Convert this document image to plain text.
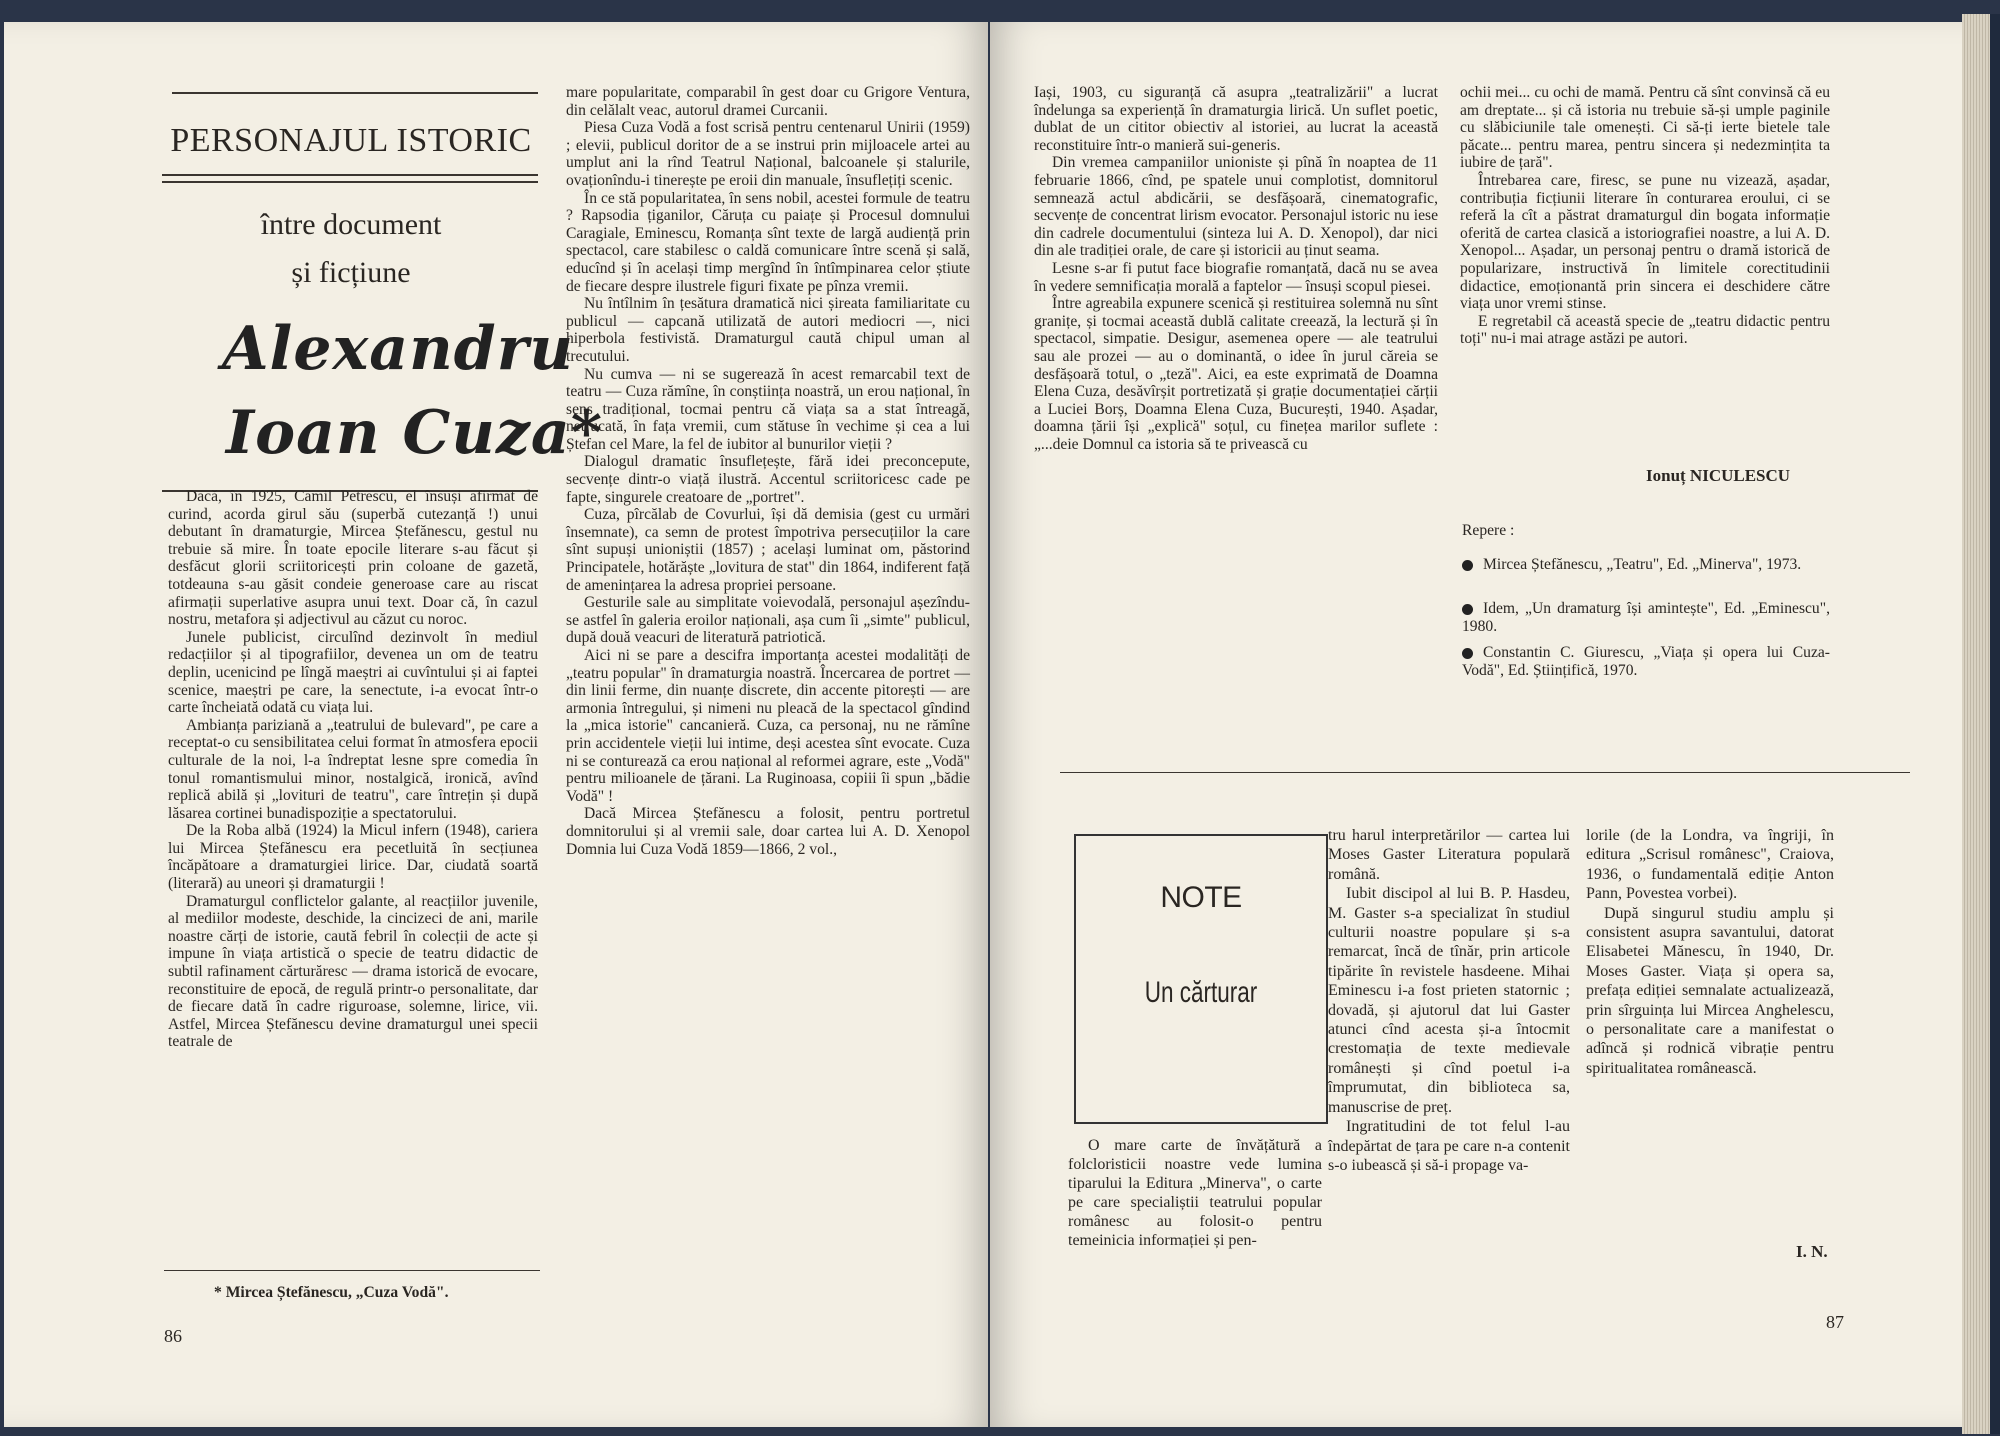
PERSONAJUL ISTORIC
între document
și ficțiune
Alexandru
Ioan Cuza*

Dacă, în 1925, Camil Petrescu, el însuși afirmat de curind, acorda girul său (superbă cutezanță !) unui debutant în dramaturgie, Mircea Ștefănescu, gestul nu trebuie să mire. În toate epocile literare s-au făcut și desfăcut glorii scriitoricești prin coloane de gazetă, totdeauna s-au găsit condeie generoase care au riscat afirmații superlative asupra unui text. Doar că, în cazul nostru, metafora și adjectivul au căzut cu noroc.

Junele publicist, circulînd dezinvolt în mediul redacțiilor și al tipografiilor, devenea un om de teatru deplin, ucenicind pe lîngă maeștri ai cuvîntului și ai faptei scenice, maeștri pe care, la senectute, i-a evocat într-o carte încheiată odată cu viața lui.

Ambianța pariziană a „teatrului de bulevard", pe care a receptat-o cu sensibilitatea celui format în atmosfera epocii culturale de la noi, l-a îndreptat lesne spre comedia în tonul romantismului minor, nostalgică, ironică, avînd replică abilă și „lovituri de teatru", care întrețin și după lăsarea cortinei bunadispoziție a spectatorului.

De la Roba albă (1924) la Micul infern (1948), cariera lui Mircea Ștefănescu era pecetluită în secțiunea încăpătoare a dramaturgiei lirice. Dar, ciudată soartă (literară) au uneori și dramaturgii !

Dramaturgul conflictelor galante, al reacțiilor juvenile, al mediilor modeste, deschide, la cincizeci de ani, marile noastre cărți de istorie, caută febril în colecții de acte și impune în viața artistică o specie de teatru didactic de subtil rafinament cărturăresc — drama istorică de evocare, reconstituire de epocă, de regulă printr-o personalitate, dar de fiecare dată în cadre riguroase, solemne, lirice, vii. Astfel, Mircea Ștefănescu devine dramaturgul unei specii teatrale de

* Mircea Ștefănescu, „Cuza Vodă".

mare popularitate, comparabil în gest doar cu Grigore Ventura, din celălalt veac, autorul dramei Curcanii.

Piesa Cuza Vodă a fost scrisă pentru centenarul Unirii (1959) ; elevii, publicul doritor de a se instrui prin mijloacele artei au umplut ani la rînd Teatrul Național, balcoanele și stalurile, ovaționîndu-i tinerește pe eroii din manuale, însuflețiți scenic.

În ce stă popularitatea, în sens nobil, acestei formule de teatru ? Rapsodia țiganilor, Căruța cu paiațe și Procesul domnului Caragiale, Eminescu, Romanța sînt texte de largă audiență prin spectacol, care stabilesc o caldă comunicare între scenă și sală, educînd și în același timp mergînd în întîmpinarea celor știute de fiecare despre ilustrele figuri fixate pe pînza vremii.

Nu întîlnim în țesătura dramatică nici șireata familiaritate cu publicul — capcană utilizată de autori mediocri —, nici hiperbola festivistă. Dramaturgul caută chipul uman al trecutului.

Nu cumva — ni se sugerează în acest remarcabil text de teatru — Cuza rămîne, în conștiința noastră, un erou național, în sens tradițional, tocmai pentru că viața sa a stat întreagă, netrucată, în fața vremii, cum stătuse în vechime și cea a lui Ștefan cel Mare, la fel de iubitor al bunurilor vieții ?

Dialogul dramatic însuflețește, fără idei preconcepute, secvențe dintr-o viață ilustră. Accentul scriitoricesc cade pe fapte, singurele creatoare de „portret".

Cuza, pîrcălab de Covurlui, își dă demisia (gest cu urmări însemnate), ca semn de protest împotriva persecuțiilor la care sînt supuși unioniștii (1857) ; același luminat om, păstorind Principatele, hotărăște „lovitura de stat" din 1864, indiferent față de amenințarea la adresa propriei persoane.

Gesturile sale au simplitate voievodală, personajul așezîndu-se astfel în galeria eroilor naționali, așa cum îi „simte" publicul, după două veacuri de literatură patriotică.

Aici ni se pare a descifra importanța acestei modalități de „teatru popular" în dramaturgia noastră. Încercarea de portret — din linii ferme, din nuanțe discrete, din accente pitorești — are armonia întregului, și nimeni nu pleacă de la spectacol gîndind la „mica istorie" cancanieră. Cuza, ca personaj, nu ne rămîne prin accidentele vieții lui intime, deși acestea sînt evocate. Cuza ni se conturează ca erou național al reformei agrare, este „Vodă" pentru milioanele de țărani. La Ruginoasa, copiii îi spun „bădie Vodă" !

Dacă Mircea Ștefănescu a folosit, pentru portretul domnitorului și al vremii sale, doar cartea lui A. D. Xenopol Domnia lui Cuza Vodă 1859—1866, 2 vol.,

86

Iași, 1903, cu siguranță că asupra „teatralizării" a lucrat îndelunga sa experiență în dramaturgia lirică. Un suflet poetic, dublat de un cititor obiectiv al istoriei, au lucrat la această reconstituire într-o manieră sui-generis.

Din vremea campaniilor unioniste și pînă în noaptea de 11 februarie 1866, cînd, pe spatele unui complotist, domnitorul semnează actul abdicării, se desfășoară, cinematografic, secvențe de concentrat lirism evocator. Personajul istoric nu iese din cadrele documentului (sinteza lui A. D. Xenopol), dar nici din ale tradiției orale, de care și istoricii au ținut seama.

Lesne s-ar fi putut face biografie romanțată, dacă nu se avea în vedere semnificația morală a faptelor — însuși scopul piesei.

Între agreabila expunere scenică și restituirea solemnă nu sînt granițe, și tocmai această dublă calitate creează, la lectură și în spectacol, simpatie. Desigur, asemenea opere — ale teatrului sau ale prozei — au o dominantă, o idee în jurul căreia se desfășoară totul, o „teză". Aici, ea este exprimată de Doamna Elena Cuza, desăvîrșit portretizată și grație documentației cărții a Luciei Borș, Doamna Elena Cuza, București, 1940. Așadar, doamna țării își „explică" soțul, cu finețea marilor suflete : „...deie Domnul ca istoria să te privească cu

ochii mei... cu ochi de mamă. Pentru că sînt convinsă că eu am dreptate... și că istoria nu trebuie să-și umple paginile cu slăbiciunile tale omenești. Ci să-ți ierte bietele tale păcate... pentru marea, pentru sincera și nedezmințita ta iubire de țară".

Întrebarea care, firesc, se pune nu vizează, așadar, contribuția ficțiunii literare în conturarea eroului, ci se referă la cît a păstrat dramaturgul din bogata informație oferită de cartea clasică a istoriografiei noastre, a lui A. D. Xenopol... Așadar, un personaj pentru o dramă istorică de popularizare, instructivă în limitele corectitudinii didactice, emoționantă prin sincera ei deschidere către viața unor vremi stinse.

E regretabil că această specie de „teatru didactic pentru toți" nu-i mai atrage astăzi pe autori.

87
Ionuț NICULESCU
Repere :
Mircea Ștefănescu, „Teatru", Ed. „Minerva", 1973.
Idem, „Un dramaturg își amintește", Ed. „Eminescu", 1980.
Constantin C. Giurescu, „Viața și opera lui Cuza-Vodă", Ed. Științifică, 1970.
NOTE
Un cărturar

O mare carte de învățătură a folcloristicii noastre vede lumina tiparului la Editura „Minerva", o carte pe care specialiștii teatrului popular românesc au folosit-o pentru temeinicia informației și pen-

tru harul interpretărilor — cartea lui Moses Gaster Literatura populară română.

Iubit discipol al lui B. P. Hasdeu, M. Gaster s-a specializat în studiul culturii noastre populare și s-a remarcat, încă de tînăr, prin articole tipărite în revistele hasdeene. Mihai Eminescu i-a fost prieten statornic ; dovadă, și ajutorul dat lui Gaster atunci cînd acesta și-a întocmit crestomația de texte medievale românești și cînd poetul i-a împrumutat, din biblioteca sa, manuscrise de preț.

Ingratitudini de tot felul l-au îndepărtat de țara pe care n-a contenit s-o iubească și să-i propage va-

lorile (de la Londra, va îngriji, în editura „Scrisul românesc", Craiova, 1936, o fundamentală ediție Anton Pann, Povestea vorbei).

După singurul studiu amplu și consistent asupra savantului, datorat Elisabetei Mănescu, în 1940, Dr. Moses Gaster. Viața și opera sa, prefața ediției semnalate actualizează, prin sîrguința lui Mircea Anghelescu, o personalitate care a manifestat o adîncă și rodnică vibrație pentru spiritualitatea românească.

I. N.
